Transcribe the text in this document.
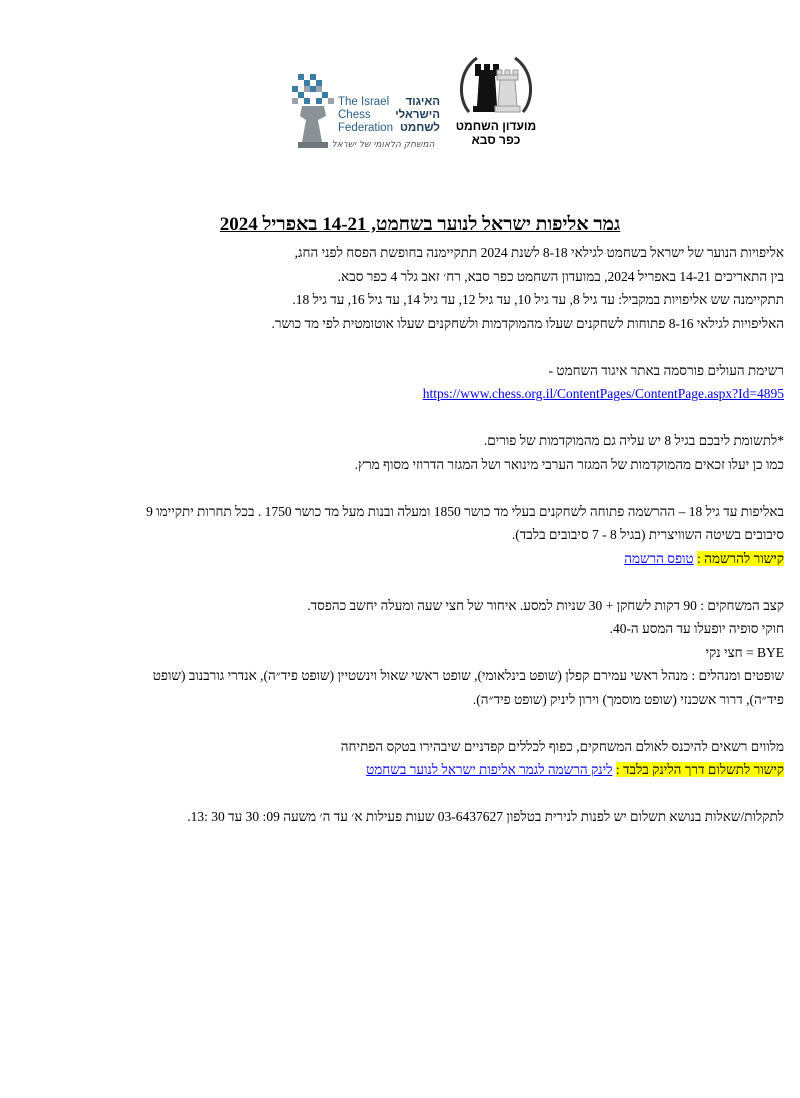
The Israel
Chess
Federation
האיגוד
הישראלי
לשחמט
המשחק הלאומי של ישראל
מועדון השחמט
כפר סבא
גמר אליפות ישראל לנוער בשחמט, 14-21 באפריל 2024

אליפויות הנוער של ישראל בשחמט לגילאי 8-18 לשנת 2024 תתקיימנה בחופשת הפסח לפני החג,

בין התאריכים 14-21 באפריל 2024, במועדון השחמט כפר סבא, רח׳ זאב גלר 4 כפר סבא.

תתקיימנה שש אליפויות במקביל: עד גיל 8, עד גיל 10, עד גיל 12, עד גיל 14, עד גיל 16, עד גיל 18.

האליפויות לגילאי 8-16 פתוחות לשחקנים שעלו מהמוקדמות ולשחקנים שעלו אוטומטית לפי מד כושר.

רשימת העולים פורסמה באתר איגוד השחמט -

https://www.chess.org.il/ContentPages/ContentPage.aspx?Id=4895

*לתשומת ליבכם בגיל 8 יש עליה גם מהמוקדמות של פורים.

כמו כן יעלו זכאים מהמוקדמות של המגזר הערבי מינואר ושל המגזר הדרוזי מסוף מרץ.

באליפות עד גיל 18 – ההרשמה פתוחה לשחקנים בעלי מד כושר 1850 ומעלה ובנות מעל מד כושר 1750 . בכל תחרות יתקיימו 9

סיבובים בשיטה השוויצרית (בגיל 8 - 7 סיבובים בלבד).

קישור להרשמה : טופס הרשמה

קצב המשחקים : 90 דקות לשחקן + 30 שניות למסע. איחור של חצי שעה ומעלה יחשב כהפסד.

חוקי סופיה יופעלו עד המסע ה-40.

BYE = חצי נקי

שופטים ומנהלים : מנהל ראשי עמירם קפלן (שופט בינלאומי), שופט ראשי שאול וינשטיין (שופט פיד״ה), אנדרי גורבנוב (שופט

פיד״ה), דרור אשכנזי (שופט מוסמך) וירון ליניק (שופט פיד״ה).

מלווים רשאים להיכנס לאולם המשחקים, כפוף לכללים קפדניים שיבהירו בטקס הפתיחה

קישור לתשלום דרך הלינק בלבד : לינק הרשמה לגמר אליפות ישראל לנוער בשחמט

לתקלות/שאלות בנושא תשלום יש לפנות לנירית בטלפון 03-6437627 שעות פעילות א׳ עד ה׳ משעה 09: 30 עד 30 :13.
